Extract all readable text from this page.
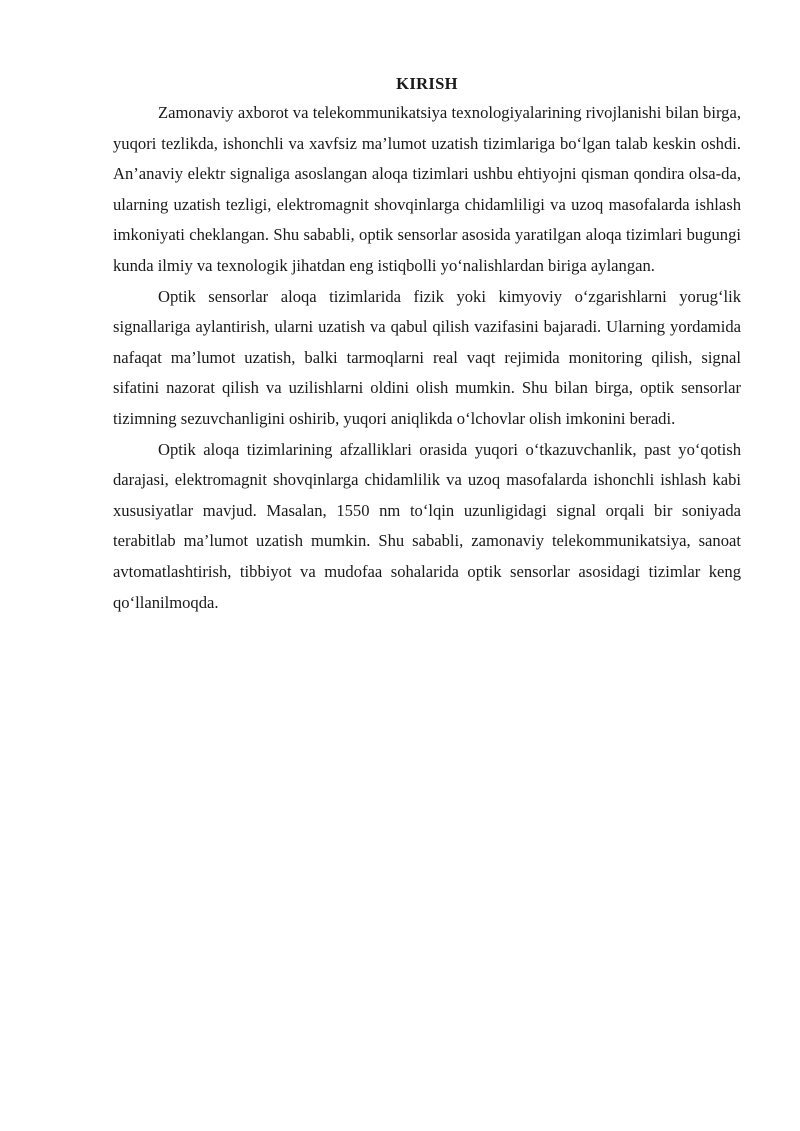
KIRISH

Zamonaviy axborot va telekommunikatsiya texnologiyalarining rivojlanishi bilan birga, yuqori tezlikda, ishonchli va xavfsiz ma’lumot uzatish tizimlariga bo‘lgan talab keskin oshdi. An’anaviy elektr signaliga asoslangan aloqa tizimlari ushbu ehtiyojni qisman qondira olsa-da, ularning uzatish tezligi, elektromagnit shovqinlarga chidamliligi va uzoq masofalarda ishlash imkoniyati cheklangan. Shu sababli, optik sensorlar asosida yaratilgan aloqa tizimlari bugungi kunda ilmiy va texnologik jihatdan eng istiqbolli yo‘nalishlardan biriga aylangan.

Optik sensorlar aloqa tizimlarida fizik yoki kimyoviy o‘zgarishlarni yorug‘lik signallariga aylantirish, ularni uzatish va qabul qilish vazifasini bajaradi. Ularning yordamida nafaqat ma’lumot uzatish, balki tarmoqlarni real vaqt rejimida monitoring qilish, signal sifatini nazorat qilish va uzilishlarni oldini olish mumkin. Shu bilan birga, optik sensorlar tizimning sezuvchanligini oshirib, yuqori aniqlikda o‘lchovlar olish imkonini beradi.

Optik aloqa tizimlarining afzalliklari orasida yuqori o‘tkazuvchanlik, past yo‘qotish darajasi, elektromagnit shovqinlarga chidamlilik va uzoq masofalarda ishonchli ishlash kabi xususiyatlar mavjud. Masalan, 1550 nm to‘lqin uzunligidagi signal orqali bir soniyada terabitlab ma’lumot uzatish mumkin. Shu sababli, zamonaviy telekommunikatsiya, sanoat avtomatlashtirish, tibbiyot va mudofaa sohalarida optik sensorlar asosidagi tizimlar keng qo‘llanilmoqda.
